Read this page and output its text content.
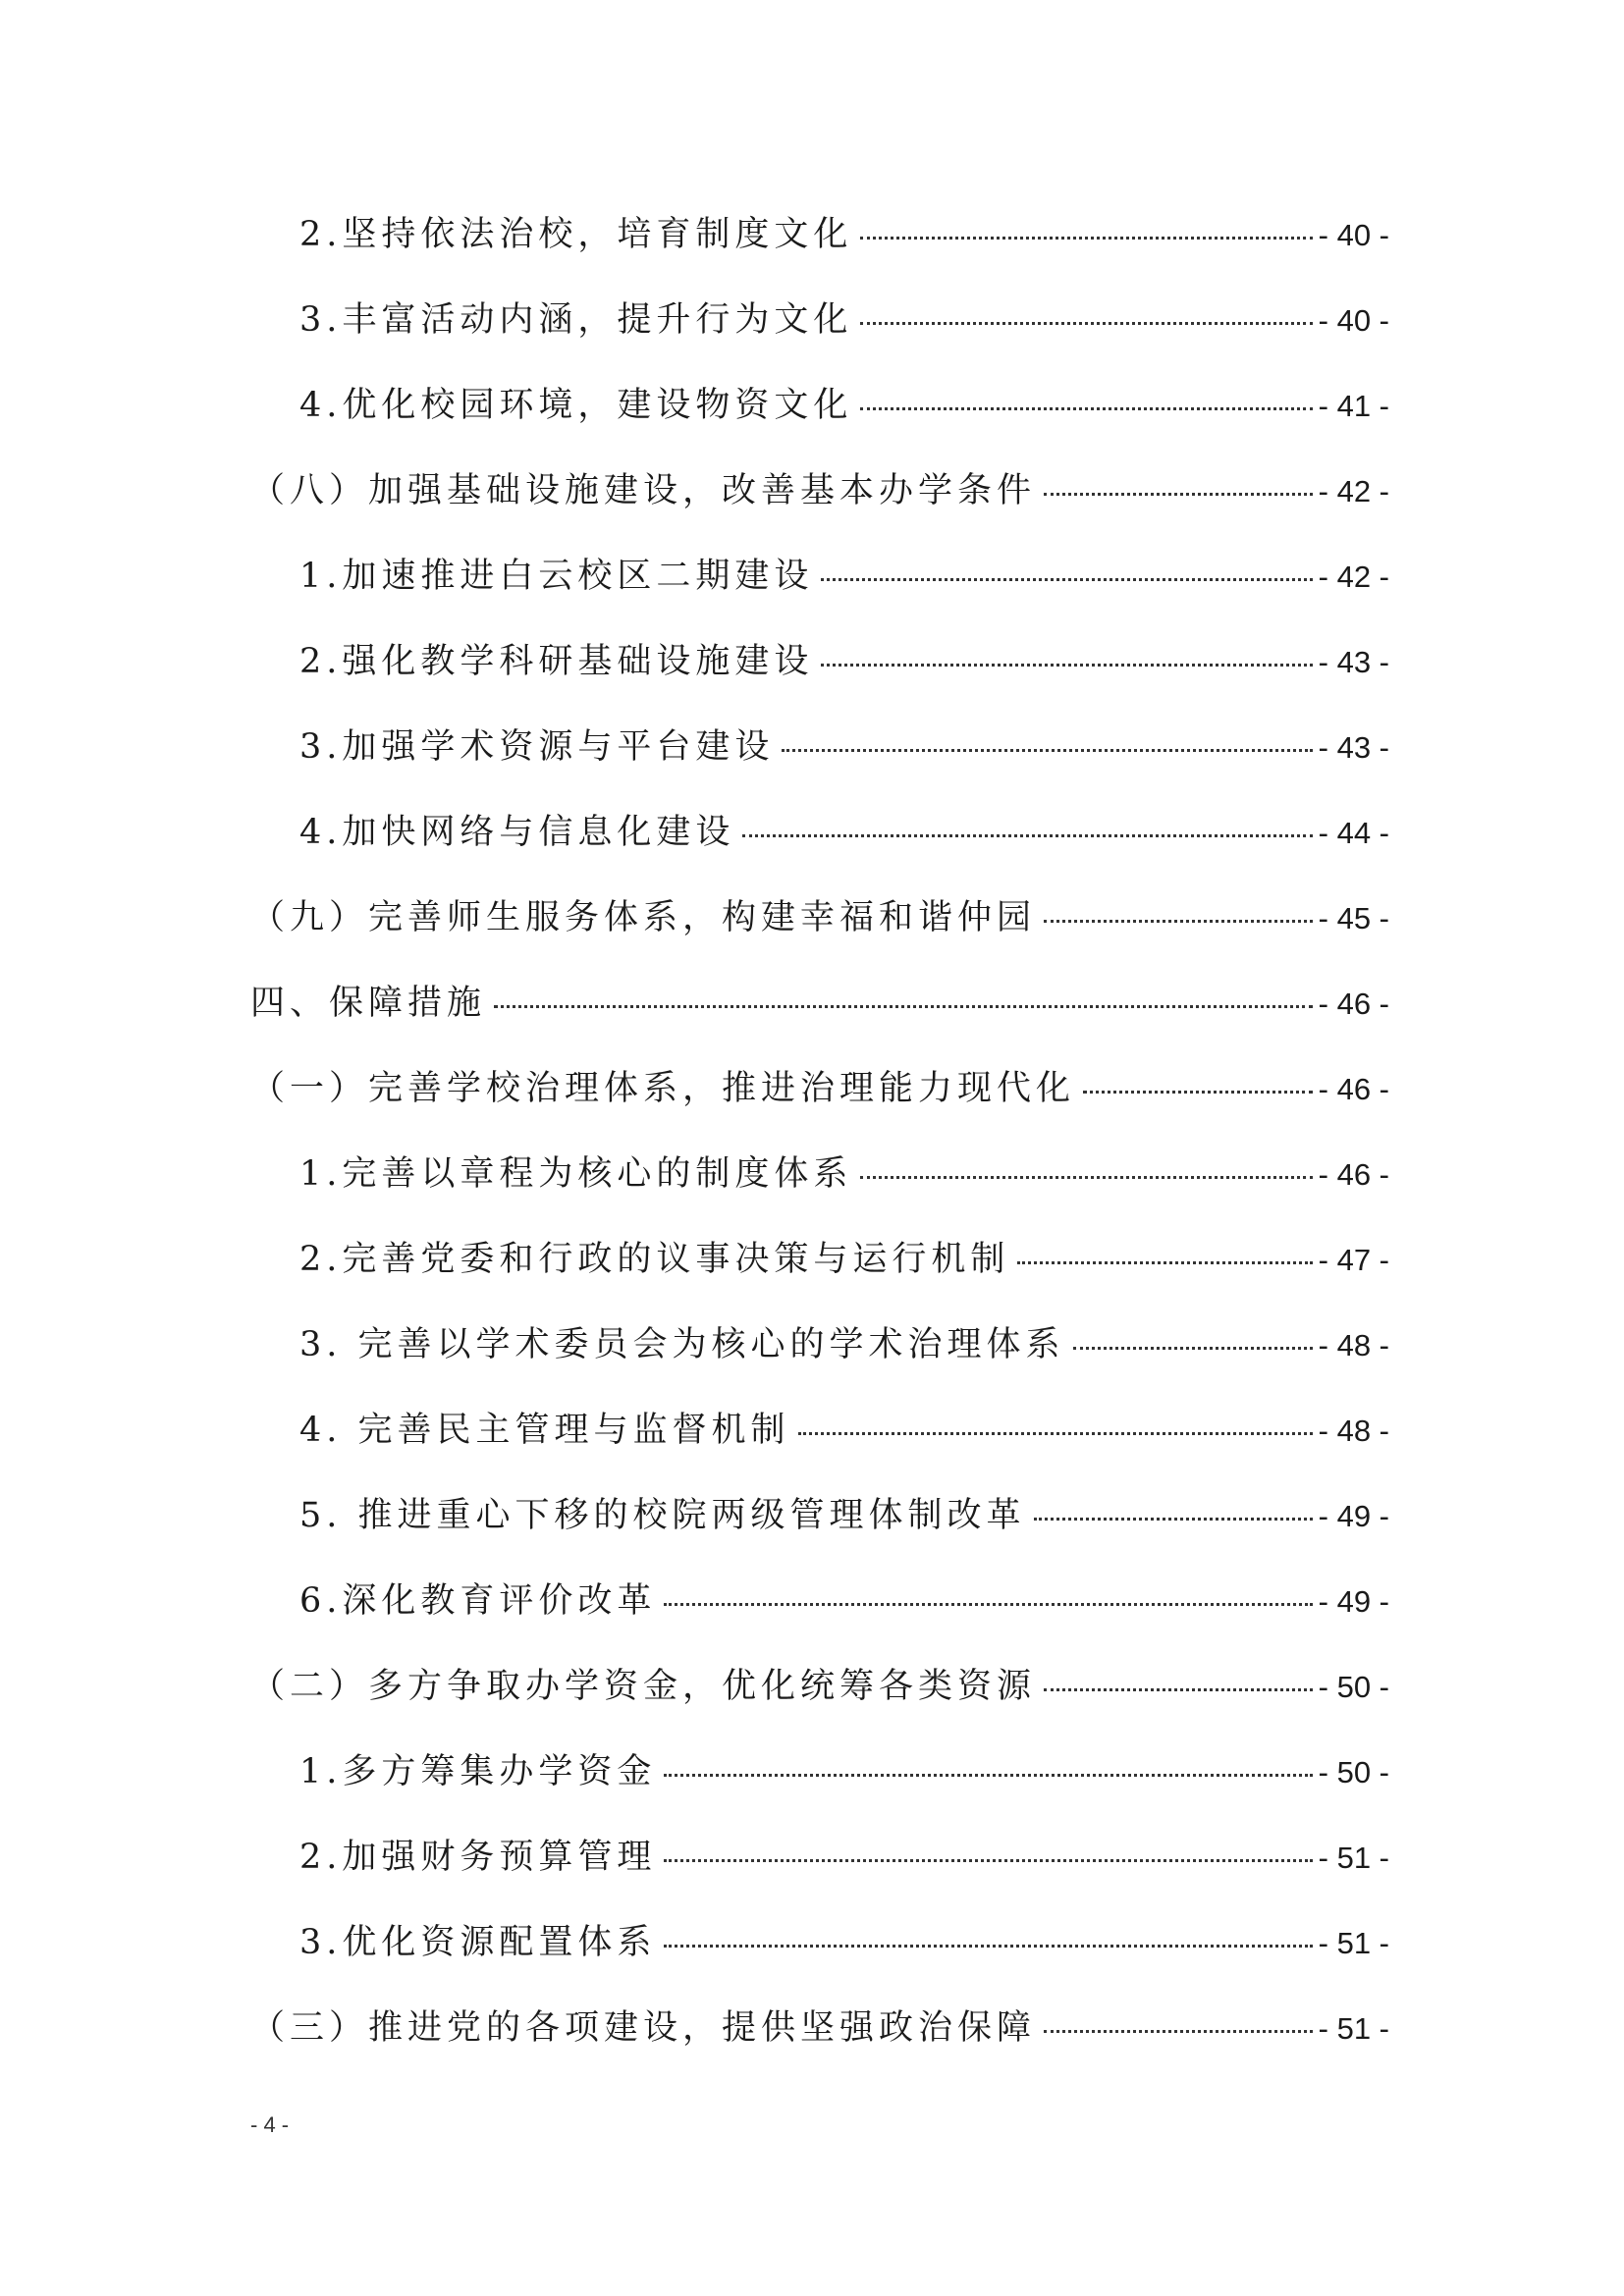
2.坚持依法治校，培育制度文化	- 40 -
3.丰富活动内涵，提升行为文化	- 40 -
4.优化校园环境，建设物资文化	- 41 -
（八）加强基础设施建设，改善基本办学条件	- 42 -
1.加速推进白云校区二期建设	- 42 -
2.强化教学科研基础设施建设	- 43 -
3.加强学术资源与平台建设	- 43 -
4.加快网络与信息化建设	- 44 -
（九）完善师生服务体系，构建幸福和谐仲园	- 45 -
四、保障措施	- 46 -
（一）完善学校治理体系，推进治理能力现代化	- 46 -
1.完善以章程为核心的制度体系	- 46 -
2.完善党委和行政的议事决策与运行机制	- 47 -
3. 完善以学术委员会为核心的学术治理体系	- 48 -
4. 完善民主管理与监督机制	- 48 -
5. 推进重心下移的校院两级管理体制改革	- 49 -
6.深化教育评价改革	- 49 -
（二）多方争取办学资金，优化统筹各类资源	- 50 -
1.多方筹集办学资金	- 50 -
2.加强财务预算管理	- 51 -
3.优化资源配置体系	- 51 -
（三）推进党的各项建设，提供坚强政治保障	- 51 -
- 4 -
